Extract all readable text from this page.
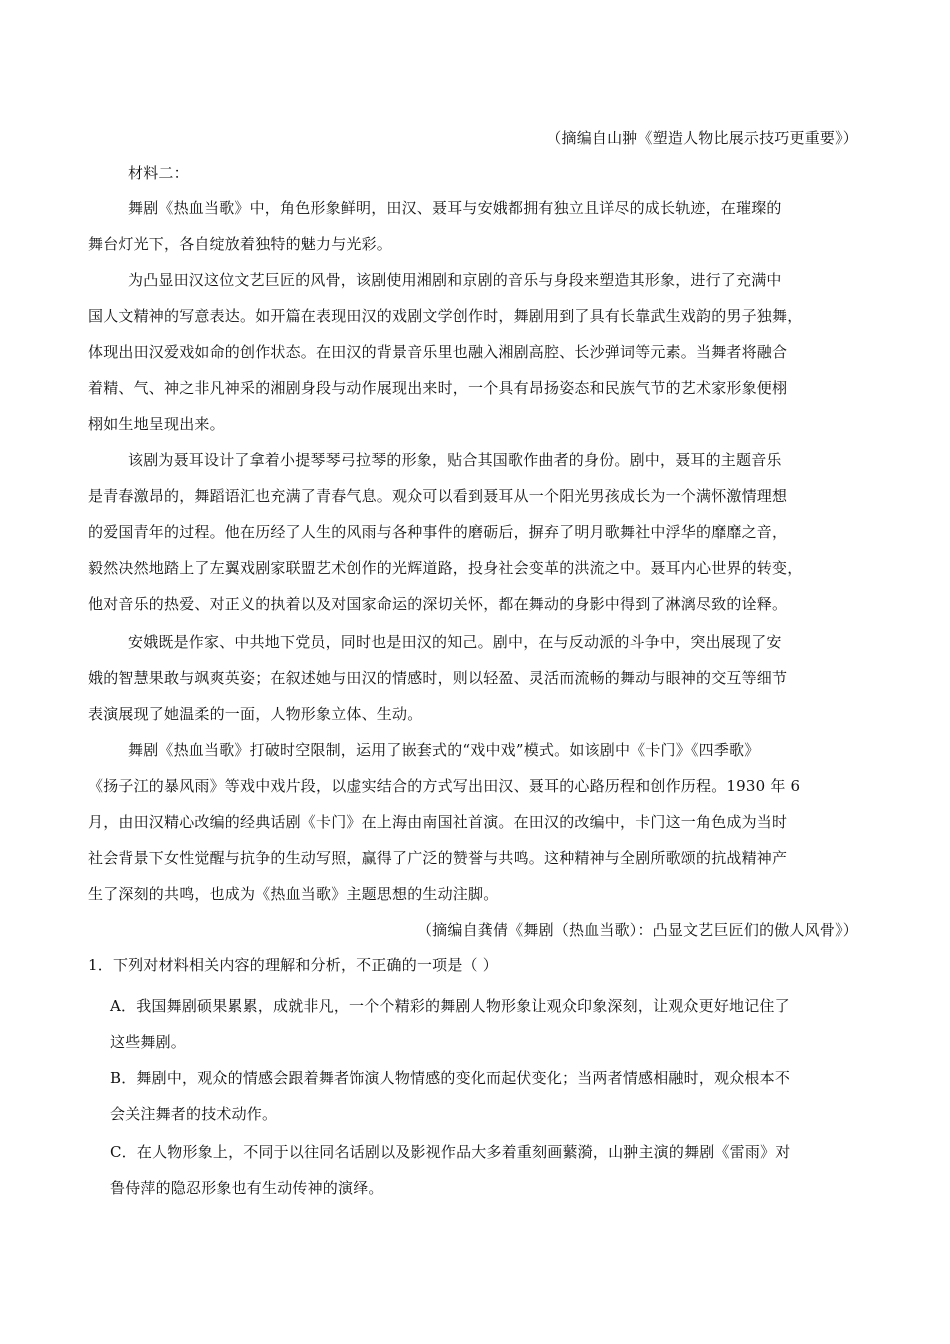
（摘编自山翀《塑造人物比展示技巧更重要》）
材料二：
舞剧《热血当歌》中，角色形象鲜明，田汉、聂耳与安娥都拥有独立且详尽的成长轨迹，在璀璨的
舞台灯光下，各自绽放着独特的魅力与光彩。
为凸显田汉这位文艺巨匠的风骨，该剧使用湘剧和京剧的音乐与身段来塑造其形象，进行了充满中
国人文精神的写意表达。如开篇在表现田汉的戏剧文学创作时，舞剧用到了具有长靠武生戏韵的男子独舞，
体现出田汉爱戏如命的创作状态。在田汉的背景音乐里也融入湘剧高腔、长沙弹词等元素。当舞者将融合
着精、气、神之非凡神采的湘剧身段与动作展现出来时，一个具有昂扬姿态和民族气节的艺术家形象便栩
栩如生地呈现出来。
该剧为聂耳设计了拿着小提琴琴弓拉琴的形象，贴合其国歌作曲者的身份。剧中，聂耳的主题音乐
是青春激昂的，舞蹈语汇也充满了青春气息。观众可以看到聂耳从一个阳光男孩成长为一个满怀激情理想
的爱国青年的过程。他在历经了人生的风雨与各种事件的磨砺后，摒弃了明月歌舞社中浮华的靡靡之音，
毅然决然地踏上了左翼戏剧家联盟艺术创作的光辉道路，投身社会变革的洪流之中。聂耳内心世界的转变，
他对音乐的热爱、对正义的执着以及对国家命运的深切关怀，都在舞动的身影中得到了淋漓尽致的诠释。
安娥既是作家、中共地下党员，同时也是田汉的知己。剧中，在与反动派的斗争中，突出展现了安
娥的智慧果敢与飒爽英姿；在叙述她与田汉的情感时，则以轻盈、灵活而流畅的舞动与眼神的交互等细节
表演展现了她温柔的一面，人物形象立体、生动。
舞剧《热血当歌》打破时空限制，运用了嵌套式的“戏中戏”模式。如该剧中《卡门》《四季歌》
《扬子江的暴风雨》等戏中戏片段，以虚实结合的方式写出田汉、聂耳的心路历程和创作历程。1930 年 6
月，由田汉精心改编的经典话剧《卡门》在上海由南国社首演。在田汉的改编中，卡门这一角色成为当时
社会背景下女性觉醒与抗争的生动写照，赢得了广泛的赞誉与共鸣。这种精神与全剧所歌颂的抗战精神产
生了深刻的共鸣，也成为《热血当歌》主题思想的生动注脚。
（摘编自龚倩《舞剧（热血当歌）：凸显文艺巨匠们的傲人风骨》）
1．下列对材料相关内容的理解和分析，不正确的一项是（ ）
A．我国舞剧硕果累累，成就非凡，一个个精彩的舞剧人物形象让观众印象深刻，让观众更好地记住了
这些舞剧。
B．舞剧中，观众的情感会跟着舞者饰演人物情感的变化而起伏变化；当两者情感相融时，观众根本不
会关注舞者的技术动作。
C．在人物形象上，不同于以往同名话剧以及影视作品大多着重刻画蘩漪，山翀主演的舞剧《雷雨》对
鲁侍萍的隐忍形象也有生动传神的演绎。
